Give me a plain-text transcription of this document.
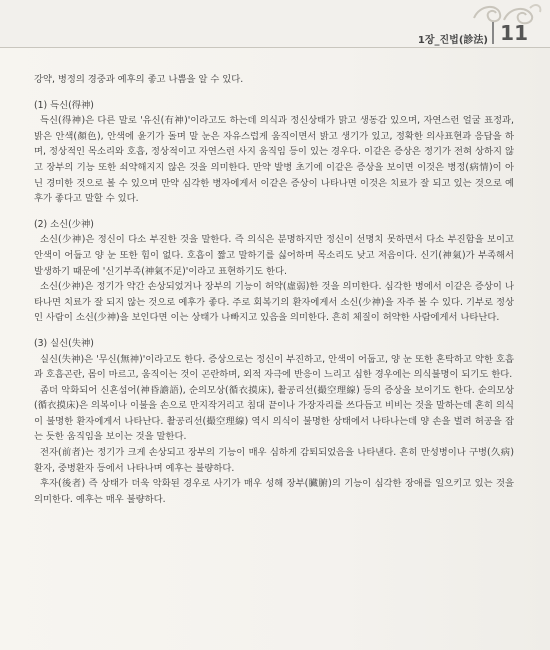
1장_진법(診法) 11

강약, 병정의 경중과 예후의 좋고 나쁨을 알 수 있다.

(1) 득신(得神)

득신(得神)은 다른 말로 '유신(有神)'이라고도 하는데 의식과 정신상태가 맑고 생동감 있으며, 자연스런 얼굴 표정과, 밝은 안색(顏色), 안색에 윤기가 돌며 말 눈은 자유스럽게 움직이면서 밝고 생기가 있고, 정확한 의사표현과 응답을 하며, 정상적인 목소리와 호흡, 정상적이고 자연스런 사지 움직임 등이 있는 경우다. 이같은 증상은 정기가 전혀 상하지 않고 장부의 기능 또한 쇠약해지지 않은 것을 의미한다. 만약 발병 초기에 이같은 증상을 보이면 이것은 병정(病情)이 아닌 경미한 것으로 볼 수 있으며 만약 심각한 병자에게서 이같은 증상이 나타나면 이것은 치료가 잘 되고 있는 것으로 예후가 좋다고 말할 수 있다.

(2) 소신(少神)

소신(少神)은 정신이 다소 부진한 것을 말한다. 즉 의식은 분명하지만 정신이 선명치 못하면서 다소 부진함을 보이고 안색이 어둡고 양 눈 또한 힘이 없다. 호흡이 짧고 말하기를 싫어하며 목소리도 낮고 저음이다. 신기(神氣)가 부족해서 발생하기 때문에 '신기부족(神氣不足)'이라고 표현하기도 한다.

소신(少神)은 정기가 약간 손상되었거나 장부의 기능이 허약(虛弱)한 것을 의미한다. 심각한 병에서 이같은 증상이 나타나면 치료가 잘 되지 않는 것으로 예후가 좋다. 주로 회복기의 환자에게서 소신(少神)을 자주 볼 수 있다. 기부로 정상인 사람이 소신(少神)을 보인다면 이는 상태가 나빠지고 있음을 의미한다. 흔히 체질이 허약한 사람에게서 나타난다.

(3) 실신(失神)

실신(失神)은 '무신(無神)'이라고도 한다. 증상으로는 정신이 부진하고, 안색이 어둡고, 양 눈 또한 혼탁하고 약한 호흡과 호흡곤란, 몸이 마르고, 움직이는 것이 곤란하며, 외적 자극에 반응이 느리고 심한 경우에는 의식불명이 되기도 한다.

좀더 악화되어 신혼섬어(神昏譫語), 순의모상(循衣摸床), 촬공리선(撮空理線) 등의 증상을 보이기도 한다. 순의모상(循衣摸床)은 의복이나 이불을 손으로 만지작거리고 침대 끝이나 가장자리를 쓰다듬고 비비는 것을 말하는데 혼히 의식이 불명한 환자에게서 나타난다. 촬공리선(撮空理線) 역시 의식이 불명한 상태에서 나타나는데 양 손을 벌려 허공을 잡는 듯한 움직임을 보이는 것을 말한다.

전자(前者)는 정기가 크게 손상되고 장부의 기능이 매우 심하게 감퇴되었음을 나타낸다. 흔히 만성병이나 구병(久病) 환자, 중병환자 등에서 나타나며 예후는 불량하다.

후자(後者) 즉 상태가 더욱 악화된 경우로 사기가 매우 성해 장부(臟腑)의 기능이 심각한 장애를 일으키고 있는 것을 의미한다. 예후는 매우 불량하다.
